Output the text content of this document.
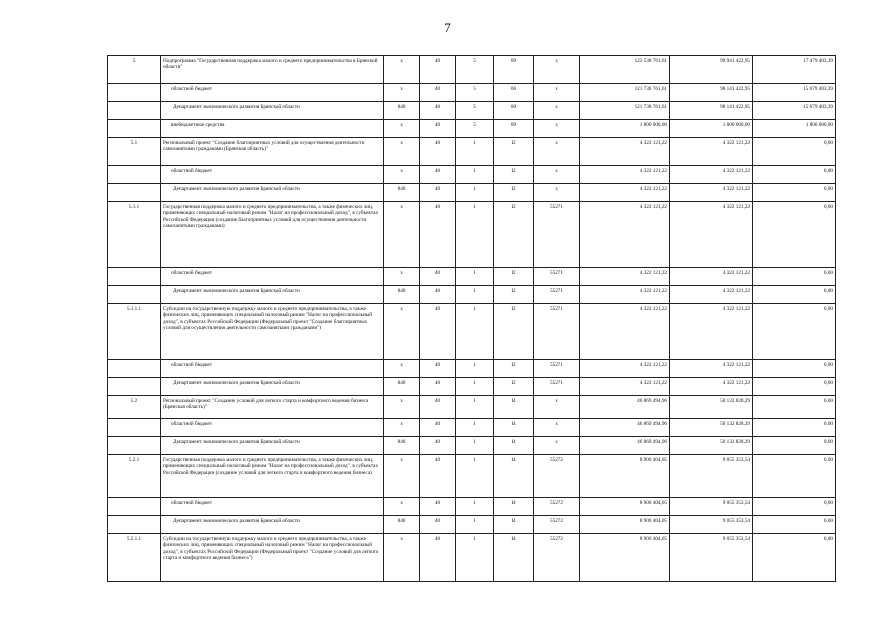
7
5	Подпрограмма "Государственная поддержка малого и среднего предпринимательства в Брянской области"	х	40	5	00	х	123 538 761,61	99 941 422,95	17 479 403,39
	областной бюджет	х	40	5	00	х	121 738 761,61	98 141 422,95	15 679 403,39
	Департамент экономического развития Брянской области	840	40	5	00	х	121 738 761,61	98 141 422,95	15 679 403,39
	внебюджетные средства	х	40	5	00	х	1 800 000,00	1 800 000,00	1 800 000,00
5.1	Региональный проект "Создание благоприятных условий для осуществления деятельности самозанятыми гражданами (Брянская область)"	х	40	1	I2	х	4 322 121,22	4 322 121,22	0,00
	областной бюджет	х	40	1	I2	х	4 322 121,22	4 322 121,22	0,00
	Департамент экономического развития Брянской области	840	40	1	I2	х	4 322 121,22	4 322 121,22	0,00
5.1.1	Государственная поддержка малого и среднего предпринимательства, а также физических лиц, применяющих специальный налоговый режим "Налог на профессиональный доход", в субъектах Российской Федерации (создание благоприятных условий для осуществления деятельности самозанятыми гражданами)	х	40	1	I2	55271	4 322 121,22	4 322 121,22	0,00
	областной бюджет	х	40	1	I2	55271	4 322 121,22	4 322 121,22	0,00
	Департамент экономического развития Брянской области	840	40	1	I2	55271	4 322 121,22	4 322 121,22	0,00
5.1.1.1	Субсидии на государственную поддержку малого и среднего предпринимательства, а также физических лиц, применяющих специальный налоговый режим "Налог на профессиональный доход", в субъектах Российской Федерации (Федеральный проект "Создание благоприятных условий для осуществления деятельности самозанятыми гражданами")	х	40	1	I2	55271	4 322 121,22	4 322 121,22	0,00
	областной бюджет	х	40	1	I2	55271	4 322 121,22	4 322 121,22	0,00
	Департамент экономического развития Брянской области	840	40	1	I2	55271	4 322 121,22	4 322 121,22	0,00
5.2	Региональный проект "Создание условий для легкого старта и комфортного ведения бизнеса (Брянская область)"	х	40	1	I4	х	46 869 494,96	50 132 828,29	0,00
	областной бюджет	х	40	1	I4	х	46 869 494,96	50 132 828,29	0,00
	Департамент экономического развития Брянской области	840	40	1	I4	х	46 869 494,96	50 132 828,29	0,00
5.2.1	Государственная поддержка малого и среднего предпринимательства, а также физических лиц, применяющих специальный налоговый режим "Налог на профессиональный доход", в субъектах Российской Федерации (создание условий для легкого старта и комфортного ведения бизнеса)	х	40	1	I4	55272	8 900 404,05	9 055 353,54	0,00
	областной бюджет	х	40	1	I4	55272	8 900 404,05	9 055 353,54	0,00
	Департамент экономического развития Брянской области	840	40	1	I4	55272	8 900 404,05	9 055 353,54	0,00
5.2.1.1	Субсидии на государственную поддержку малого и среднего предпринимательства, а также физических лиц, применяющих специальный налоговый режим "Налог на профессиональный доход", в субъектах Российской Федерации (Федеральный проект "Создание условий для легкого старта и комфортного ведения бизнеса")	х	40	1	I4	55272	8 900 404,05	9 055 353,54	0,00
